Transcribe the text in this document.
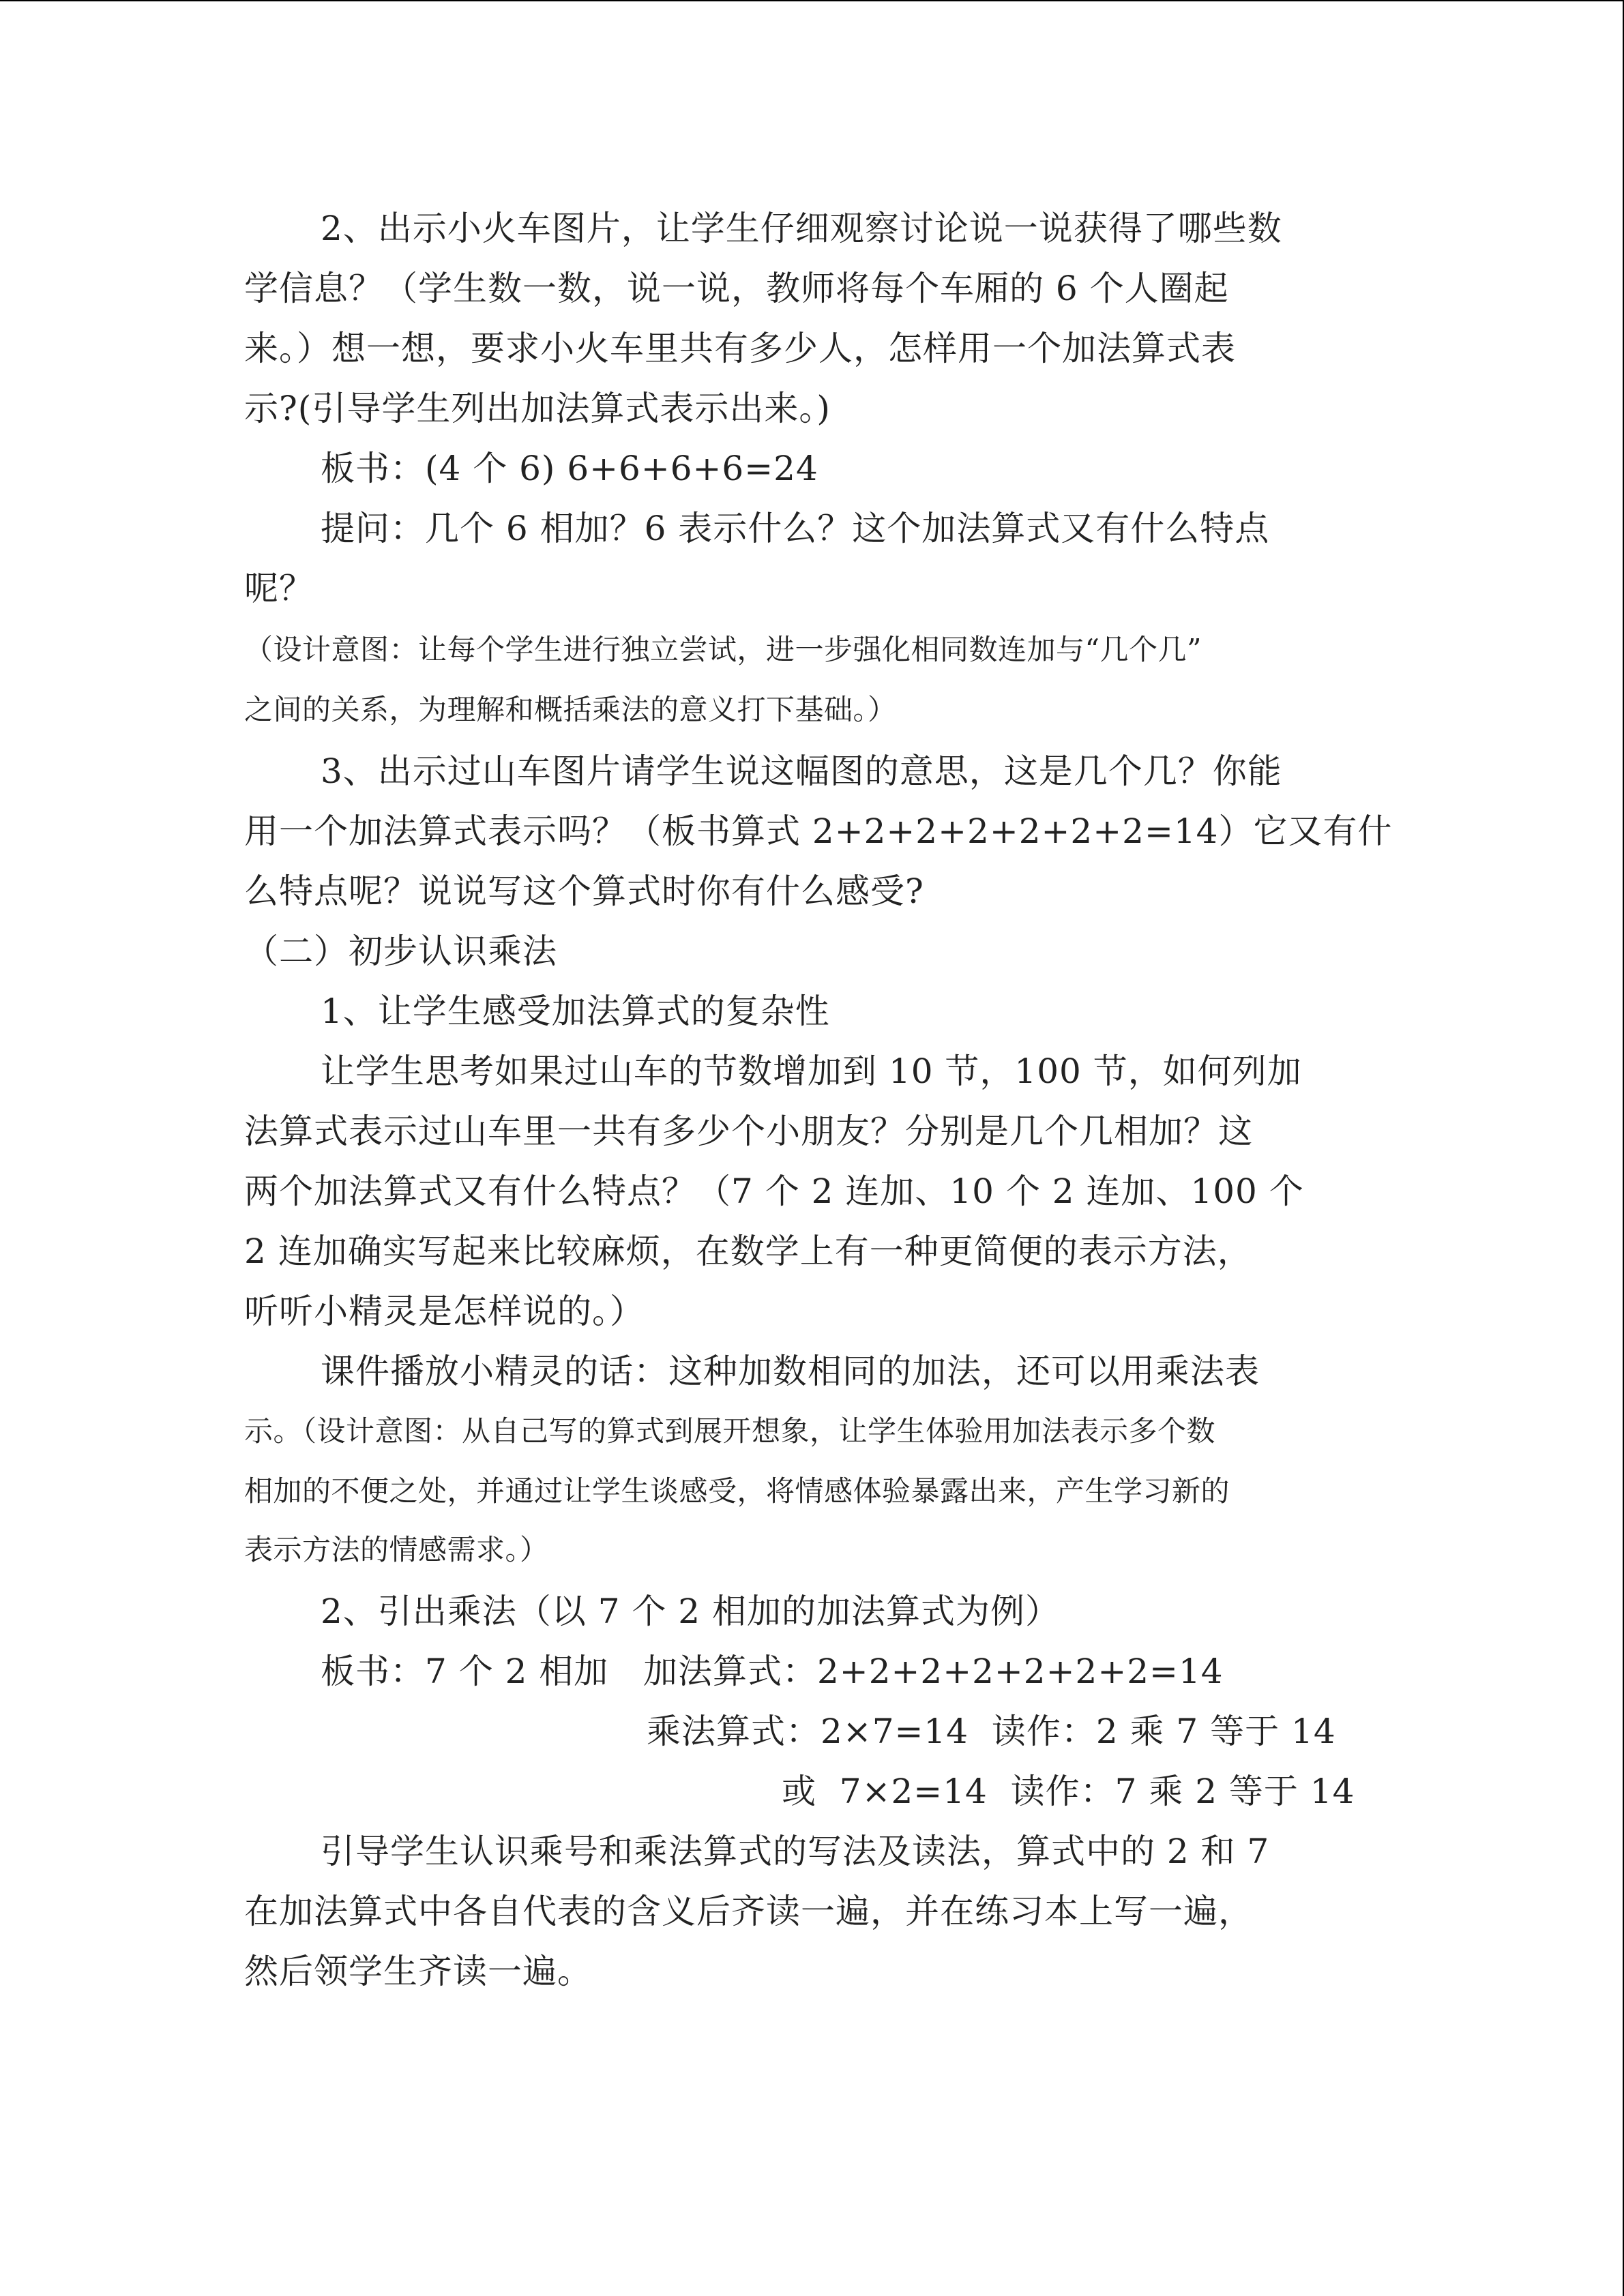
2、出示小火车图片，让学生仔细观察讨论说一说获得了哪些数
学信息？（学生数一数，说一说，教师将每个车厢的 6 个人圈起
来。）想一想，要求小火车里共有多少人，怎样用一个加法算式表
示?(引导学生列出加法算式表示出来。)
板书：(4 个 6) 6+6+6+6=24
提问：几个 6 相加？6 表示什么？这个加法算式又有什么特点
呢？
（设计意图：让每个学生进行独立尝试，进一步强化相同数连加与“几个几”
之间的关系，为理解和概括乘法的意义打下基础。）
3、出示过山车图片请学生说这幅图的意思，这是几个几？你能
用一个加法算式表示吗？（板书算式 2+2+2+2+2+2+2=14）它又有什
么特点呢？说说写这个算式时你有什么感受?
（二）初步认识乘法
1、让学生感受加法算式的复杂性
让学生思考如果过山车的节数增加到 10 节，100 节，如何列加
法算式表示过山车里一共有多少个小朋友？分别是几个几相加？这
两个加法算式又有什么特点？（7 个 2 连加、10 个 2 连加、100 个
2 连加确实写起来比较麻烦，在数学上有一种更简便的表示方法，
听听小精灵是怎样说的。）
课件播放小精灵的话：这种加数相同的加法，还可以用乘法表
示。（设计意图：从自己写的算式到展开想象，让学生体验用加法表示多个数
相加的不便之处，并通过让学生谈感受，将情感体验暴露出来，产生学习新的
表示方法的情感需求。）
2、引出乘法（以 7 个 2 相加的加法算式为例）
板书：7 个 2 相加   加法算式：2+2+2+2+2+2+2=14
乘法算式：2×7=14  读作：2 乘 7 等于 14
或  7×2=14  读作：7 乘 2 等于 14
引导学生认识乘号和乘法算式的写法及读法，算式中的 2 和 7
在加法算式中各自代表的含义后齐读一遍，并在练习本上写一遍，
然后领学生齐读一遍。
